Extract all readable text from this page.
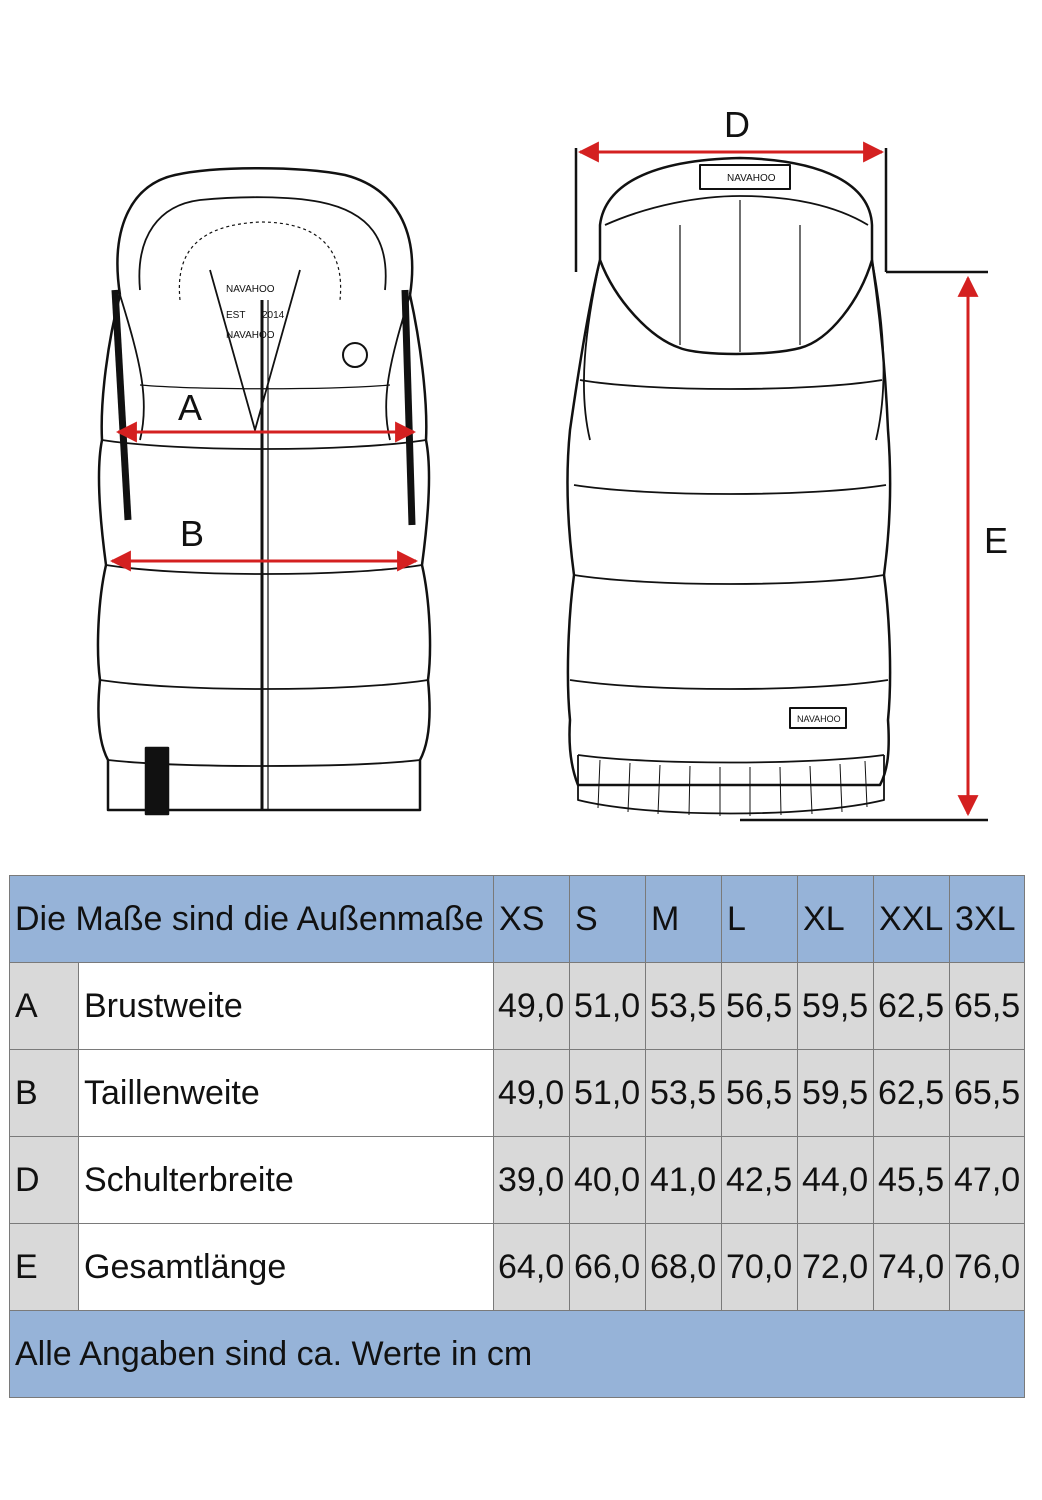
NAVAHOO
EST 2014
NAVAHOO
NAVAHOO
NAVAHOO
A
B
D
E
Die Maße sind die Außenmaße		XS	S	M	L	XL	XXL	3XL
A	Brustweite	49,0	51,0	53,5	56,5	59,5	62,5	65,5
B	Taillenweite	49,0	51,0	53,5	56,5	59,5	62,5	65,5
D	Schulterbreite	39,0	40,0	41,0	42,5	44,0	45,5	47,0
E	Gesamtlänge	64,0	66,0	68,0	70,0	72,0	74,0	76,0
Alle Angaben sind ca. Werte in cm								
